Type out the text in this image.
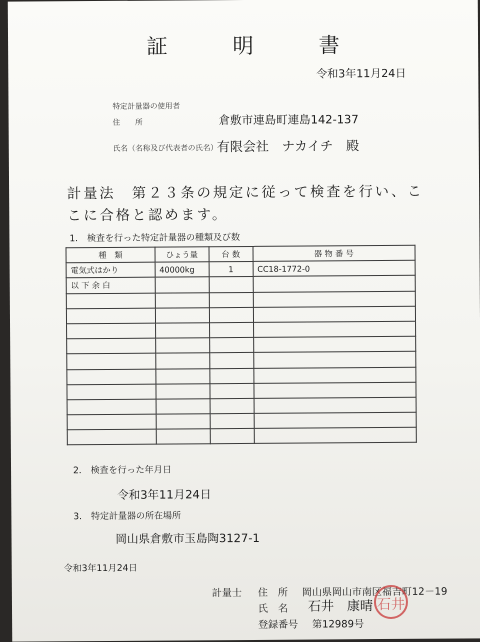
証　明　書
令和3年11月24日
特定計量器の使用者
住　　所	倉敷市連島町連島142-137
氏名（名称及び代表者の氏名）
有限会社　ナカイチ　殿
計量法　第２３条の規定に従って検査を行い、ここに合格と認めます。
1.　検査を行った特定計量器の種類及び数
種　類	ひょう量	台 数	器 物 番 号
電気式はかり	40000kg	1	CC18-1772-0
以 下 余 白			

2.　検査を行った年月日
令和3年11月24日
3.　特定計量器の所在場所
岡山県倉敷市玉島陶3127-1
令和3年11月24日
計量士 住　所 岡山県岡山市南区福吉町12－19
氏　名 石井　康晴
登録番号 第12989号
石井
